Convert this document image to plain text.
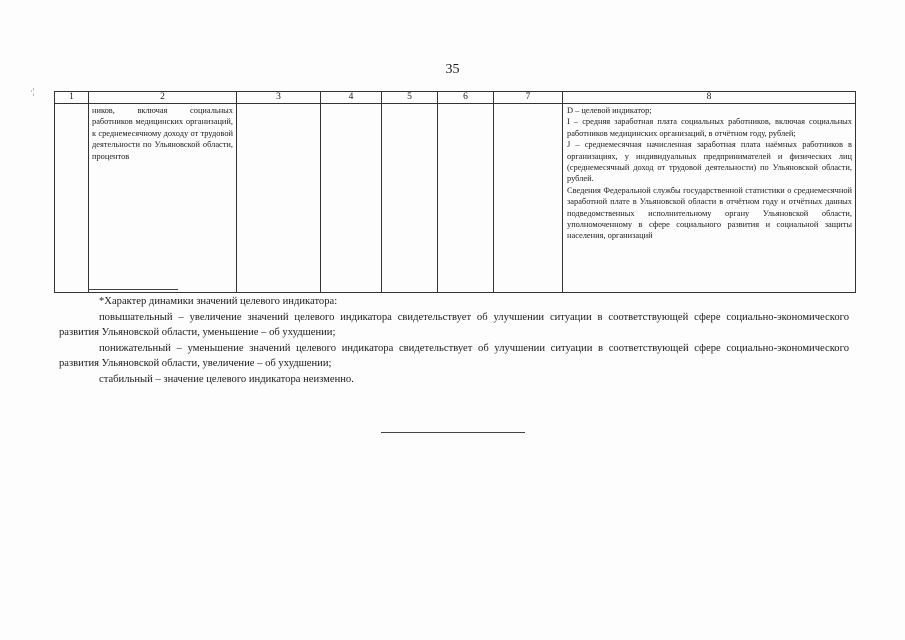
·¦
35
1	2	3	4	5	6	7	8
	ников, включая социальных работников медицинских организаций, к среднемесячному доходу от трудовой деятельности по Ульяновской области, процентов						D – целевой индикатор;

I – средняя заработная плата социальных работников, включая социальных работников медицинских организаций, в отчётном году, рублей;

J – среднемесячная начисленная заработная плата наёмных работников в организациях, у индивидуальных предпринимателей и физических лиц (среднемесячный доход от трудовой деятельности) по Ульяновской области, рублей.

Сведения Федеральной службы государственной статистики о среднемесячной заработной плате в Ульяновской области в отчётном году и отчётных данных подведомственных исполнительному органу Ульяновской области, уполномоченному в сфере социального развития и социальной защиты населения, организаций

*Характер динамики значений целевого индикатора:

повышательный – увеличение значений целевого индикатора свидетельствует об улучшении ситуации в соответствующей сфере социально-экономического развития Ульяновской области, уменьшение – об ухудшении;

понижательный – уменьшение значений целевого индикатора свидетельствует об улучшении ситуации в соответствующей сфере социально-экономического развития Ульяновской области, увеличение – об ухудшении;

стабильный – значение целевого индикатора неизменно.
